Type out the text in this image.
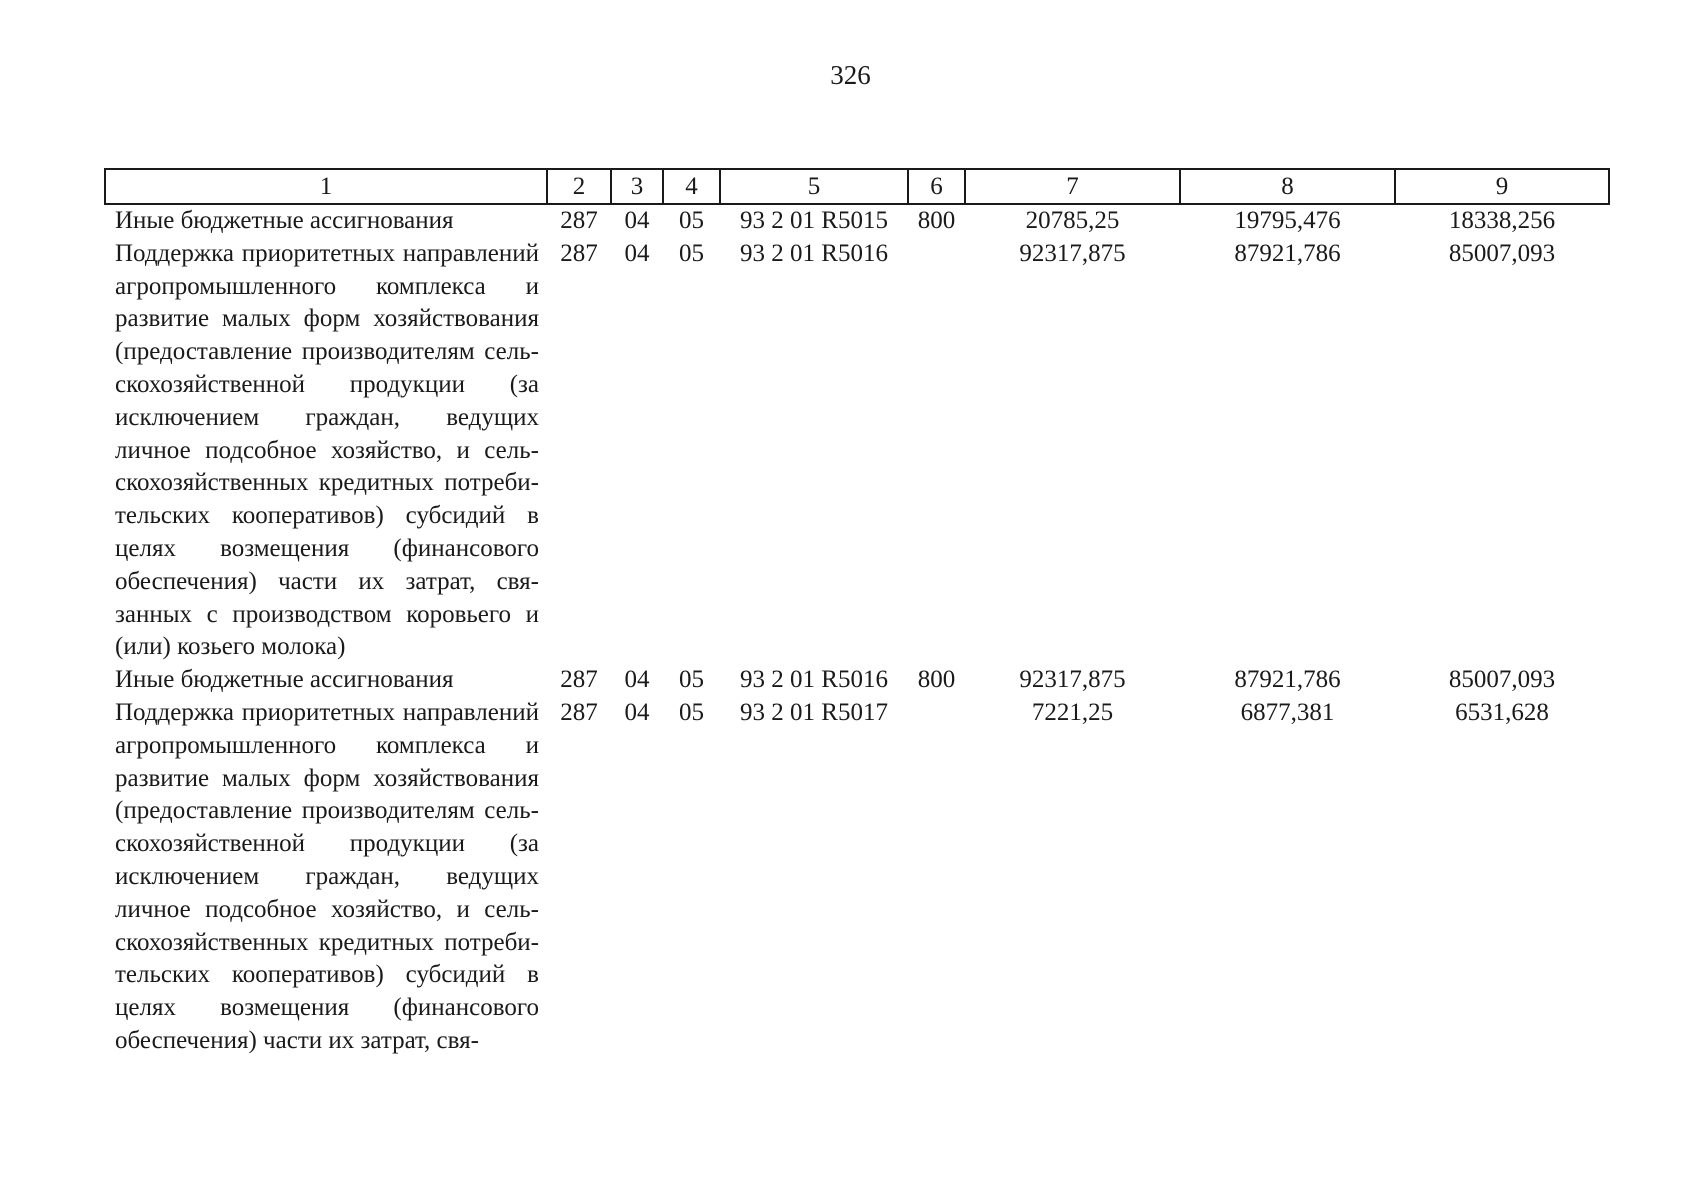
326
1	2	3	4	5	6	7	8	9
Иные бюджетные ассигнования	287	04	05	93 2 01 R5015	800	20785,25	19795,476	18338,256
Поддержка приоритетных направлений агропромышленного комплекса и развитие малых форм хозяйствования (предоставление производителям сельскохозяйственной продукции (за исключением граждан, ведущих личное подсобное хозяйство, и сельскохозяйственных кредитных потребительских кооперативов) субсидий в целях возмещения (финансового обеспечения) части их затрат, связанных с производством коровьего и (или) козьего молока)	287	04	05	93 2 01 R5016		92317,875	87921,786	85007,093
Иные бюджетные ассигнования	287	04	05	93 2 01 R5016	800	92317,875	87921,786	85007,093
Поддержка приоритетных направлений агропромышленного комплекса и развитие малых форм хозяйствования (предоставление производителям сельскохозяйственной продукции (за исключением граждан, ведущих личное подсобное хозяйство, и сельскохозяйственных кредитных потребительских кооперативов) субсидий в целях возмещения (финансового обеспечения) части их затрат, свя-	287	04	05	93 2 01 R5017		7221,25	6877,381	6531,628
